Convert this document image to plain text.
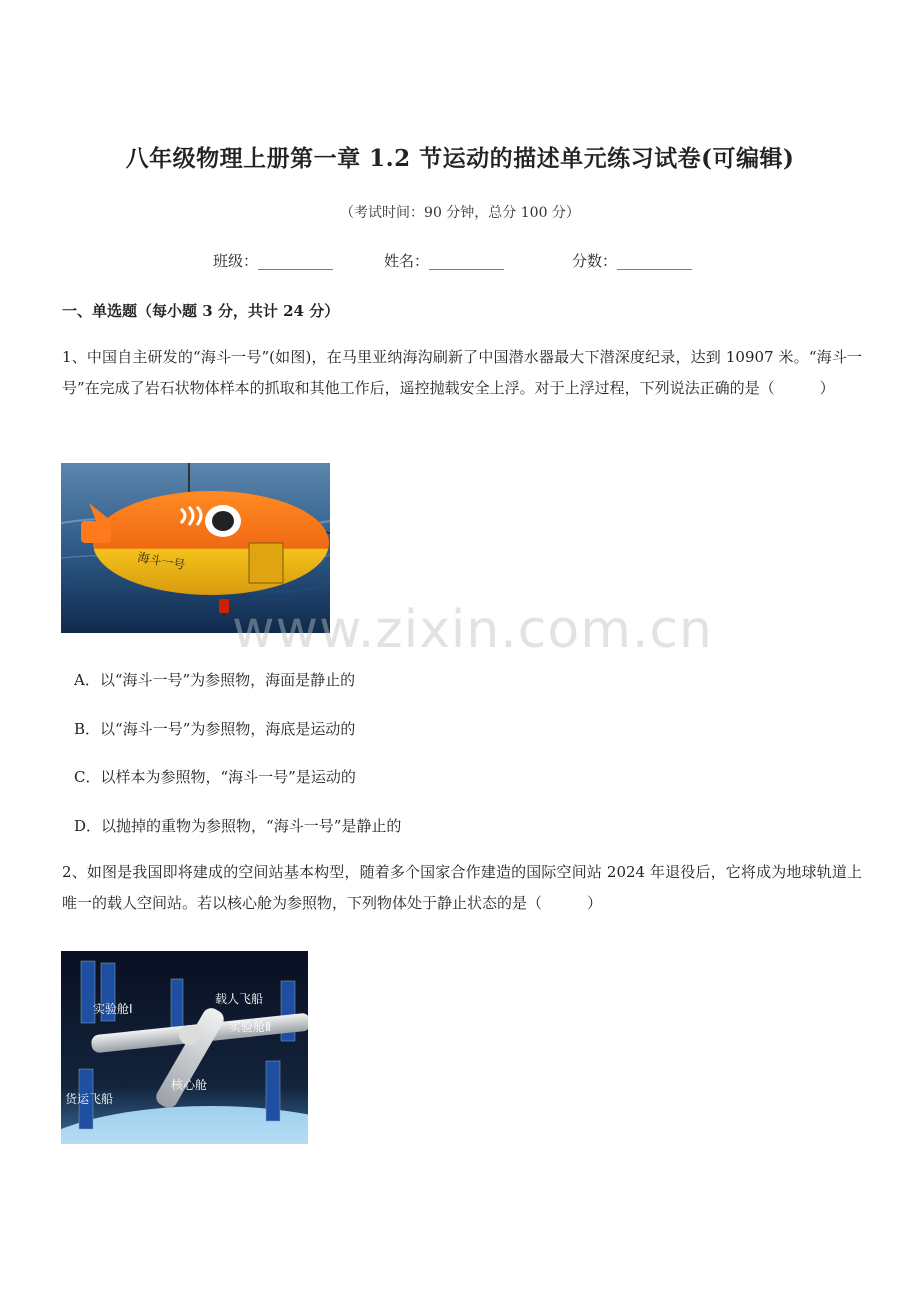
八年级物理上册第一章 1.2 节运动的描述单元练习试卷(可编辑)
（考试时间：90 分钟，总分 100 分）
班级：__________	姓名：__________	分数：__________
一、单选题（每小题 3 分，共计 24 分）
1、中国自主研发的“海斗一号”(如图)，在马里亚纳海沟刷新了中国潜水器最大下潜深度纪录，达到 10907 米。“海斗一号”在完成了岩石状物体样本的抓取和其他工作后，遥控抛载安全上浮。对于上浮过程，下列说法正确的是（　　　）
海斗一号
www.zixin.com.cn
A．以“海斗一号”为参照物，海面是静止的
B．以“海斗一号”为参照物，海底是运动的
C．以样本为参照物，“海斗一号”是运动的
D．以抛掉的重物为参照物，“海斗一号”是静止的
2、如图是我国即将建成的空间站基本构型，随着多个国家合作建造的国际空间站 2024 年退役后，它将成为地球轨道上唯一的载人空间站。若以核心舱为参照物，下列物体处于静止状态的是（　　　）
实验舱Ⅰ
载人飞船
实验舱Ⅱ
核心舱
货运飞船
